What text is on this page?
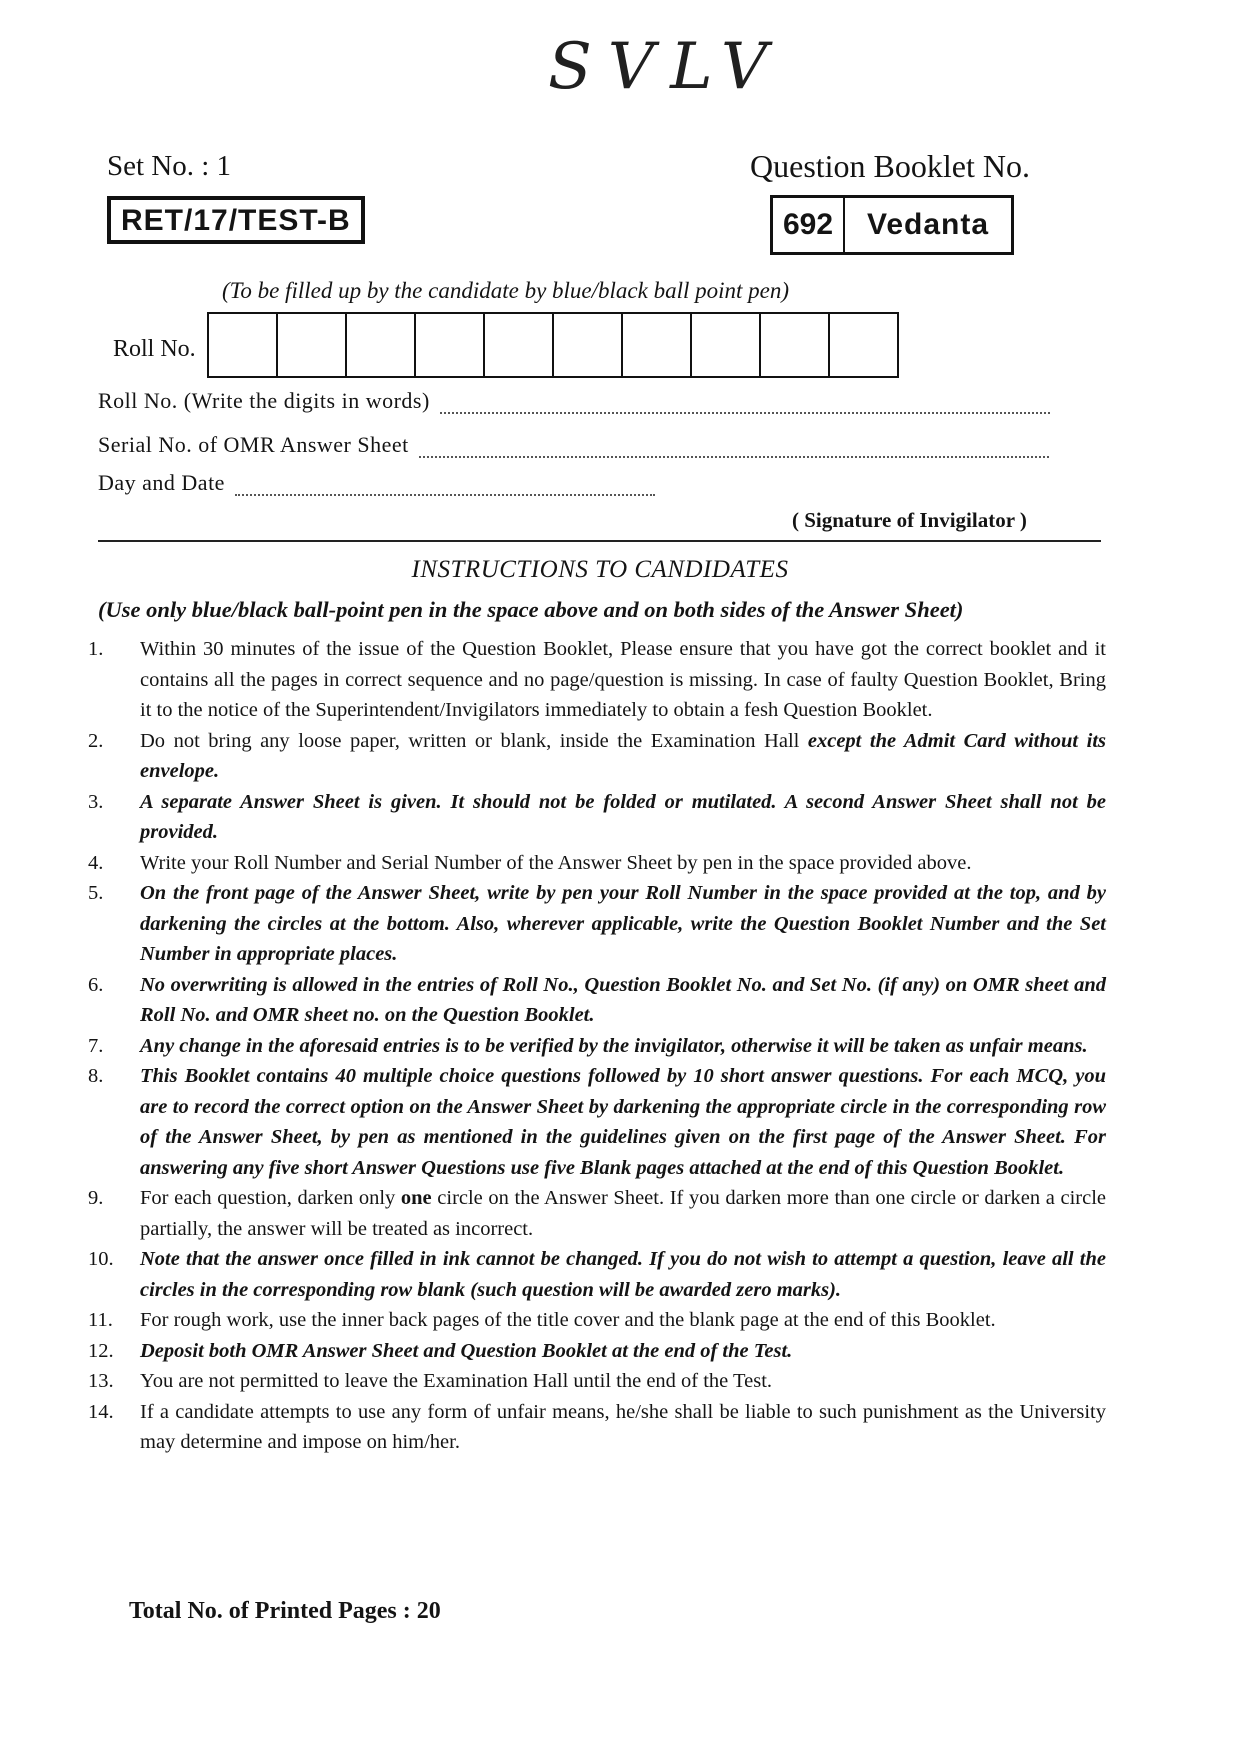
SVLV
Set No. : 1	Question Booklet No.
RET/17/TEST-B	692	Vedanta
(To be filled up by the candidate by blue/black ball point pen)
Roll No.
Roll No. (Write the digits in words)
Serial No. of OMR Answer Sheet
Day and Date
( Signature of Invigilator )
INSTRUCTIONS TO CANDIDATES
(Use only blue/black ball-point pen in the space above and on both sides of the Answer Sheet)
1.	Within 30 minutes of the issue of the Question Booklet, Please ensure that you have got the correct booklet and it contains all the pages in correct sequence and no page/question is missing. In case of faulty Question Booklet, Bring it to the notice of the Superintendent/Invigilators immediately to obtain a fesh Question Booklet.
2.	Do not bring any loose paper, written or blank, inside the Examination Hall except the Admit Card without its envelope.
3.	A separate Answer Sheet is given. It should not be folded or mutilated. A second Answer Sheet shall not be provided.
4.	Write your Roll Number and Serial Number of the Answer Sheet by pen in the space provided above.
5.	On the front page of the Answer Sheet, write by pen your Roll Number in the space provided at the top, and by darkening the circles at the bottom. Also, wherever applicable, write the Question Booklet Number and the Set Number in appropriate places.
6.	No overwriting is allowed in the entries of Roll No., Question Booklet No. and Set No. (if any) on OMR sheet and Roll No. and OMR sheet no. on the Question Booklet.
7.	Any change in the aforesaid entries is to be verified by the invigilator, otherwise it will be taken as unfair means.
8.	This Booklet contains 40 multiple choice questions followed by 10 short answer questions. For each MCQ, you are to record the correct option on the Answer Sheet by darkening the appropriate circle in the corresponding row of the Answer Sheet, by pen as mentioned in the guidelines given on the first page of the Answer Sheet. For answering any five short Answer Questions use five Blank pages attached at the end of this Question Booklet.
9.	For each question, darken only one circle on the Answer Sheet. If you darken more than one circle or darken a circle partially, the answer will be treated as incorrect.
10.	Note that the answer once filled in ink cannot be changed. If you do not wish to attempt a question, leave all the circles in the corresponding row blank (such question will be awarded zero marks).
11.	For rough work, use the inner back pages of the title cover and the blank page at the end of this Booklet.
12.	Deposit both OMR Answer Sheet and Question Booklet at the end of the Test.
13.	You are not permitted to leave the Examination Hall until the end of the Test.
14.	If a candidate attempts to use any form of unfair means, he/she shall be liable to such punishment as the University may determine and impose on him/her.
Total No. of Printed Pages : 20
